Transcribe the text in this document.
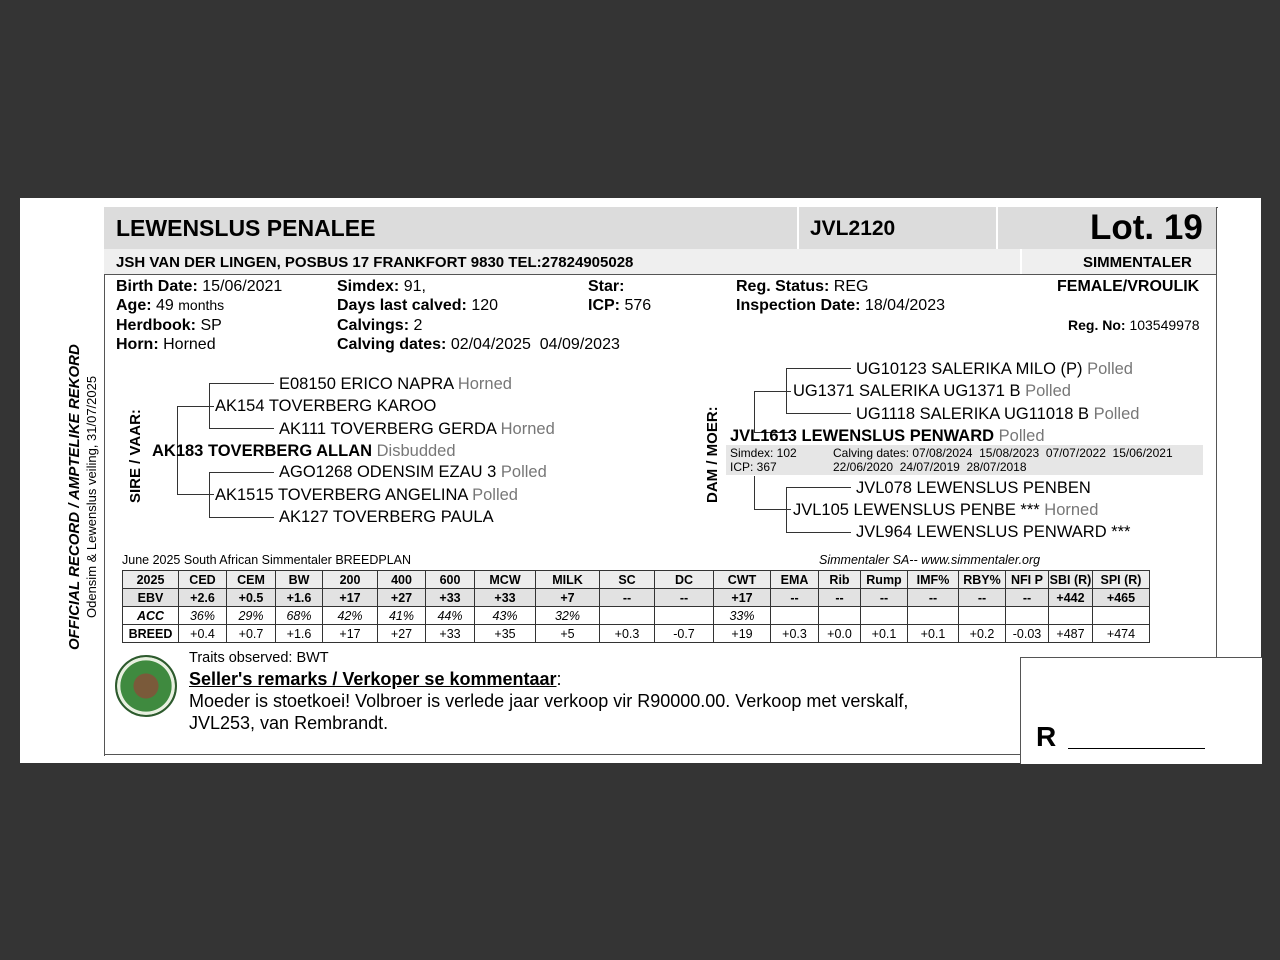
OFFICIAL RECORD / AMPTELIKE REKORD Odensim & Lewenslus veiling, 31/07/2025
LEWENSLUS PENALEE	JVL2120	Lot. 19
JSH VAN DER LINGEN, POSBUS 17 FRANKFORT 9830 TEL:27824905028	SIMMENTALER
Birth Date: 15/06/2021
Age: 49 months
Herdbook: SP
Horn: Horned
Simdex: 91,
Days last calved: 120
Calvings: 2
Calving dates: 02/04/2025  04/09/2023
Star:
ICP: 576
Reg. Status: REG
Inspection Date: 18/04/2023
FEMALE/VROULIK
Reg. No: 103549978
SIRE / VAAR:
E08150 ERICO NAPRA Horned
AK154 TOVERBERG KAROO
AK111 TOVERBERG GERDA Horned
AK183 TOVERBERG ALLAN Disbudded
AGO1268 ODENSIM EZAU 3 Polled
AK1515 TOVERBERG ANGELINA Polled
AK127 TOVERBERG PAULA
DAM / MOER:
UG10123 SALERIKA MILO (P) Polled
UG1371 SALERIKA UG1371 B Polled
UG1118 SALERIKA UG11018 B Polled
JVL1613 LEWENSLUS PENWARD Polled
Simdex: 102
ICP: 367
Calving dates: 07/08/2024  15/08/2023  07/07/2022  15/06/2021
22/06/2020  24/07/2019  28/07/2018
JVL078 LEWENSLUS PENBEN
JVL105 LEWENSLUS PENBE *** Horned
JVL964 LEWENSLUS PENWARD ***
June 2025 South African Simmentaler BREEDPLAN	Simmentaler SA-- www.simmentaler.org
2025	CED	CEM	BW	200	400	600	MCW	MILK	SC	DC	CWT	EMA	Rib	Rump	IMF%	RBY%	NFI P	SBI (R)	SPI (R)
EBV	+2.6	+0.5	+1.6	+17	+27	+33	+33	+7	--	--	+17	--	--	--	--	--	--	+442	+465
ACC	36%	29%	68%	42%	41%	44%	43%	32%			33%								
BREED	+0.4	+0.7	+1.6	+17	+27	+33	+35	+5	+0.3	-0.7	+19	+0.3	+0.0	+0.1	+0.1	+0.2	-0.03	+487	+474
Traits observed: BWT
Seller's remarks / Verkoper se kommentaar:
Moeder is stoetkoei! Volbroer is verlede jaar verkoop vir R90000.00. Verkoop met verskalf,
JVL253, van Rembrandt.	R
